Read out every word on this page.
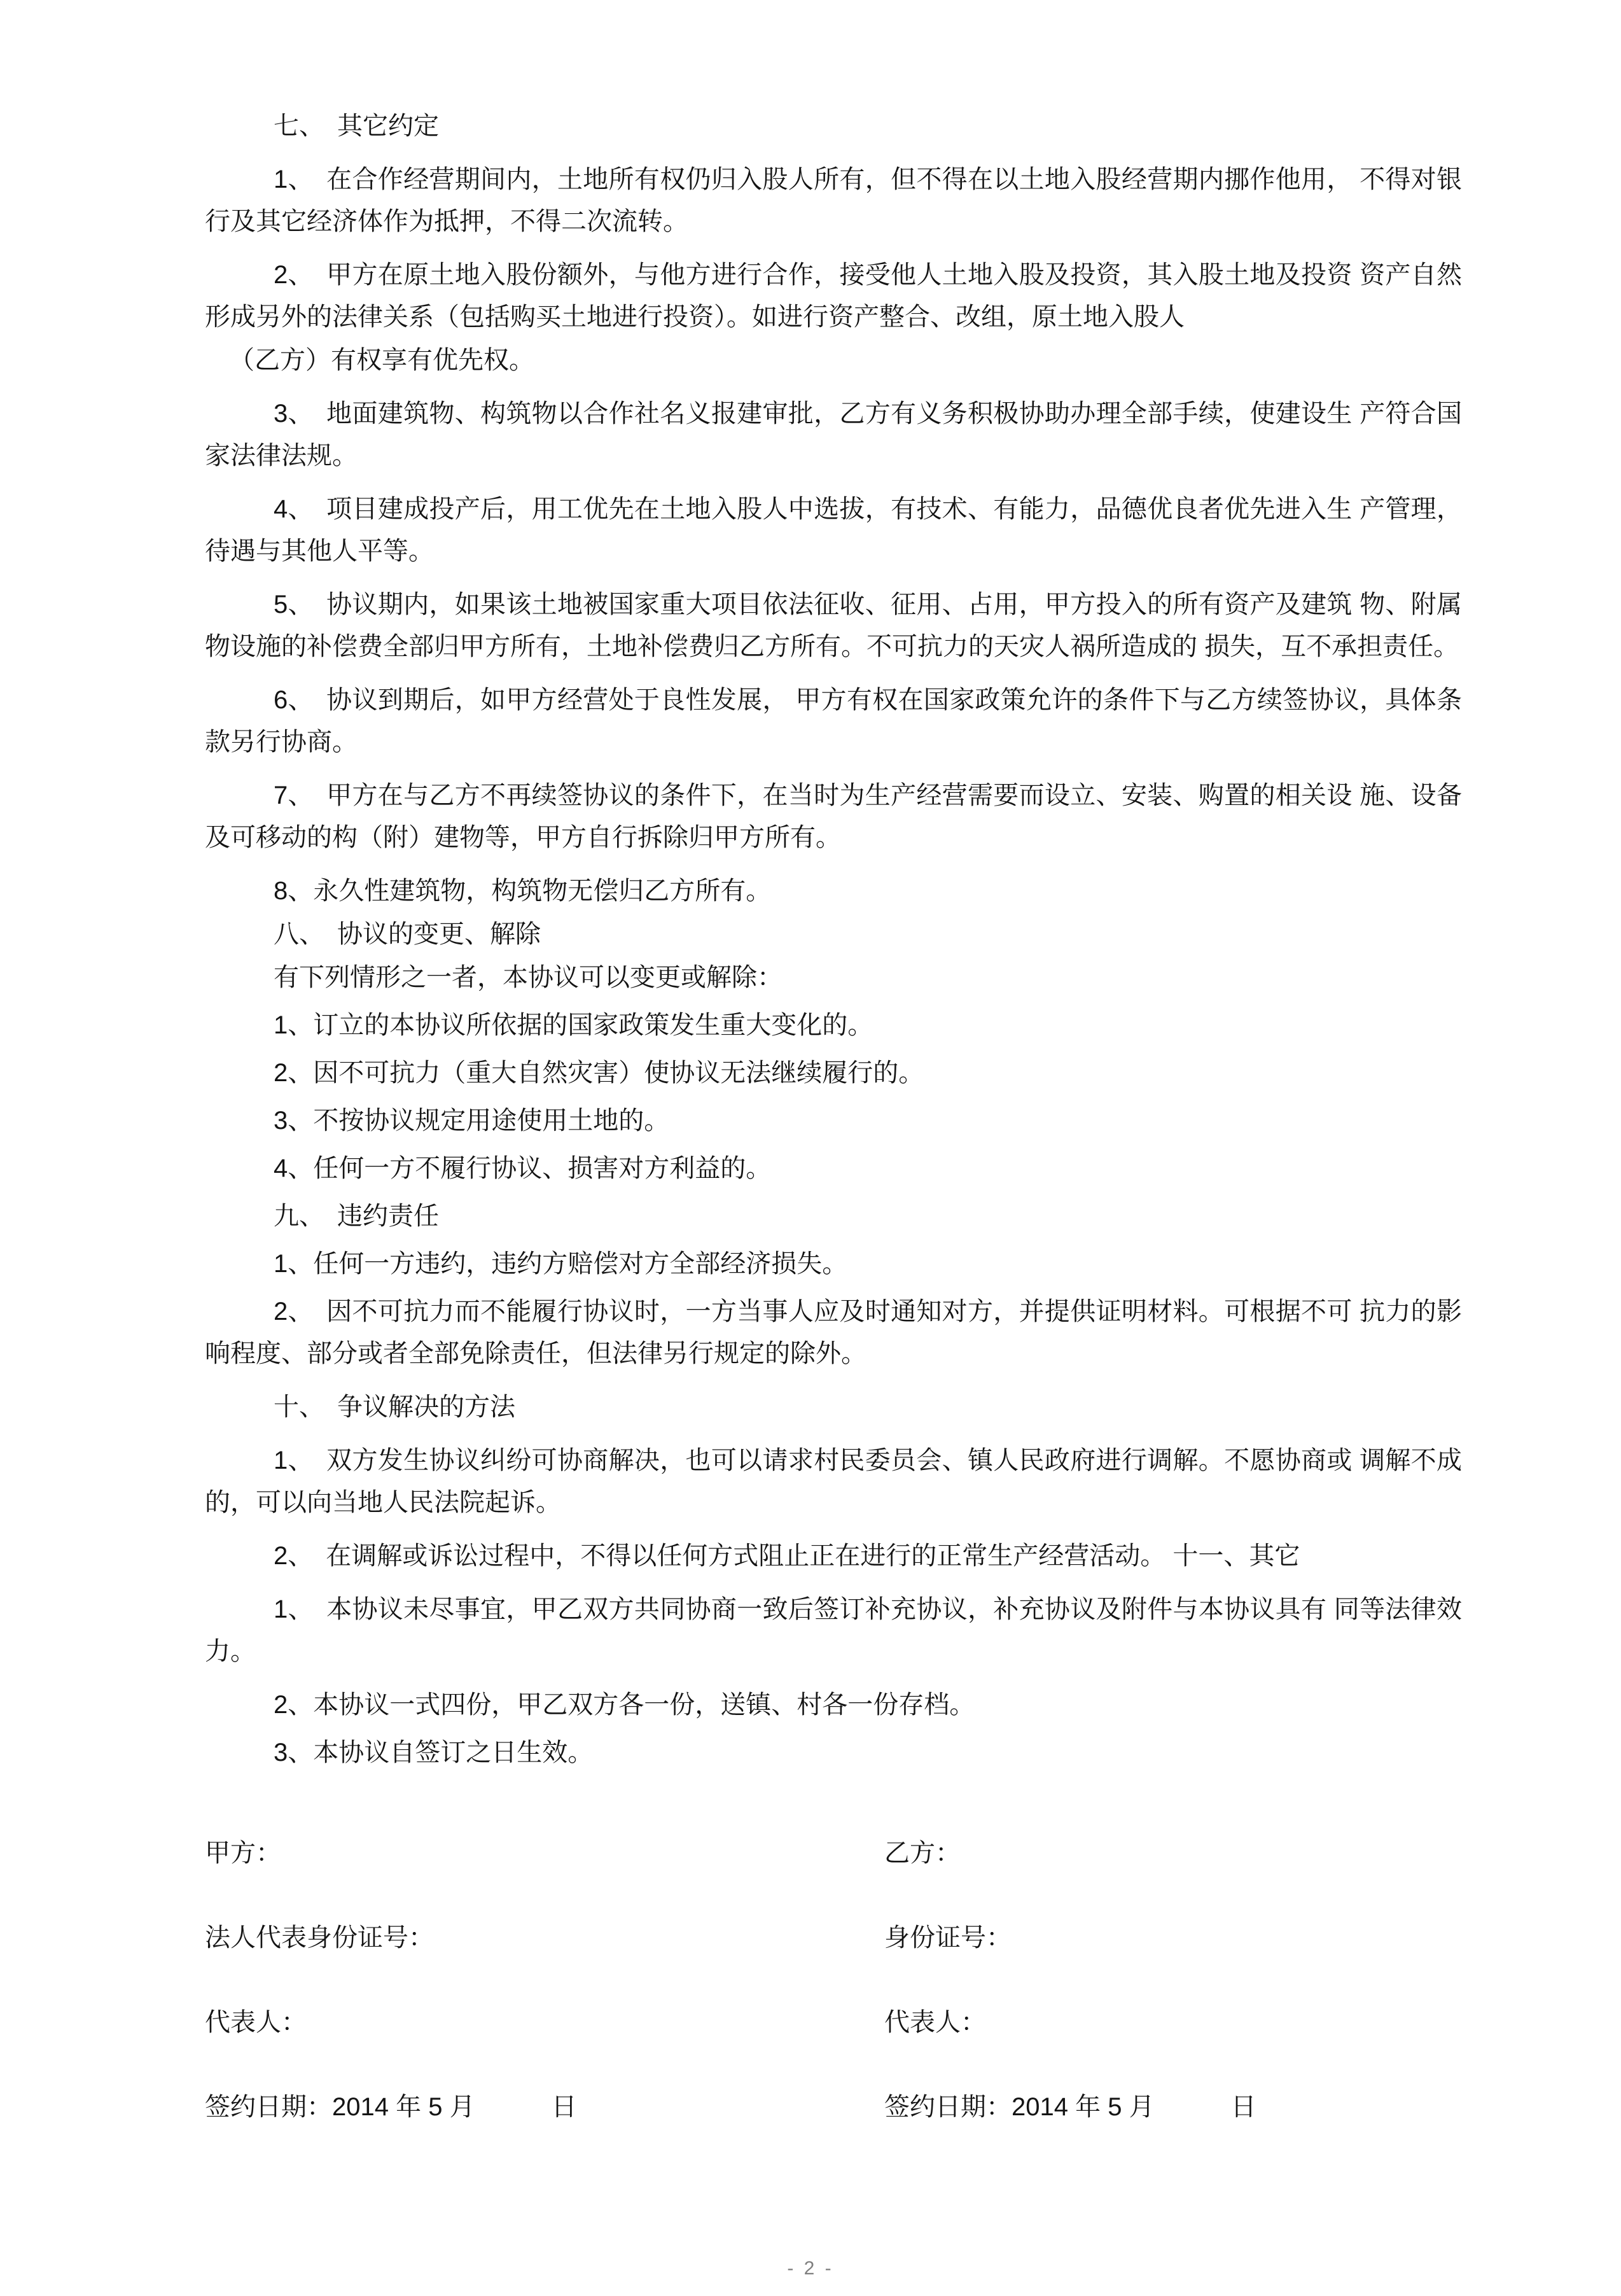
七、　其它约定

1、　在合作经营期间内，土地所有权仍归入股人所有，但不得在以土地入股经营期内挪作他用， 不得对银行及其它经济体作为抵押，不得二次流转。

2、　甲方在原土地入股份额外，与他方进行合作，接受他人土地入股及投资，其入股土地及投资 资产自然形成另外的法律关系（包括购买土地进行投资）。如进行资产整合、改组，原土地入股人

（乙方）有权享有优先权。

3、　地面建筑物、构筑物以合作社名义报建审批，乙方有义务积极协助办理全部手续，使建设生 产符合国家法律法规。

4、　项目建成投产后，用工优先在土地入股人中选拔，有技术、有能力，品德优良者优先进入生 产管理，待遇与其他人平等。

5、　协议期内，如果该土地被国家重大项目依法征收、征用、占用，甲方投入的所有资产及建筑 物、附属物设施的补偿费全部归甲方所有，土地补偿费归乙方所有。不可抗力的天灾人祸所造成的 损失，互不承担责任。

6、　协议到期后，如甲方经营处于良性发展， 甲方有权在国家政策允许的条件下与乙方续签协议，具体条款另行协商。

7、　甲方在与乙方不再续签协议的条件下，在当时为生产经营需要而设立、安装、购置的相关设 施、设备及可移动的构（附）建物等，甲方自行拆除归甲方所有。

8、永久性建筑物，构筑物无偿归乙方所有。

八、　协议的变更、解除

有下列情形之一者，本协议可以变更或解除：

1、订立的本协议所依据的国家政策发生重大变化的。

2、因不可抗力（重大自然灾害）使协议无法继续履行的。

3、不按协议规定用途使用土地的。

4、任何一方不履行协议、损害对方利益的。

九、　违约责任

1、任何一方违约，违约方赔偿对方全部经济损失。

2、　因不可抗力而不能履行协议时，一方当事人应及时通知对方，并提供证明材料。可根据不可 抗力的影响程度、部分或者全部免除责任，但法律另行规定的除外。

十、　争议解决的方法

1、　双方发生协议纠纷可协商解决，也可以请求村民委员会、镇人民政府进行调解。不愿协商或 调解不成的，可以向当地人民法院起诉。

2、　在调解或诉讼过程中，不得以任何方式阻止正在进行的正常生产经营活动。 十一、其它

1、　本协议未尽事宜，甲乙双方共同协商一致后签订补充协议，补充协议及附件与本协议具有 同等法律效力。

2、本协议一式四份，甲乙双方各一份，送镇、村各一份存档。

3、本协议自签订之日生效。

甲方：	乙方：
法人代表身份证号：	身份证号：
代表人：	代表人：
签约日期：2014 年 5 月　　　日	签约日期：2014 年 5 月　　　日
- 2 -
